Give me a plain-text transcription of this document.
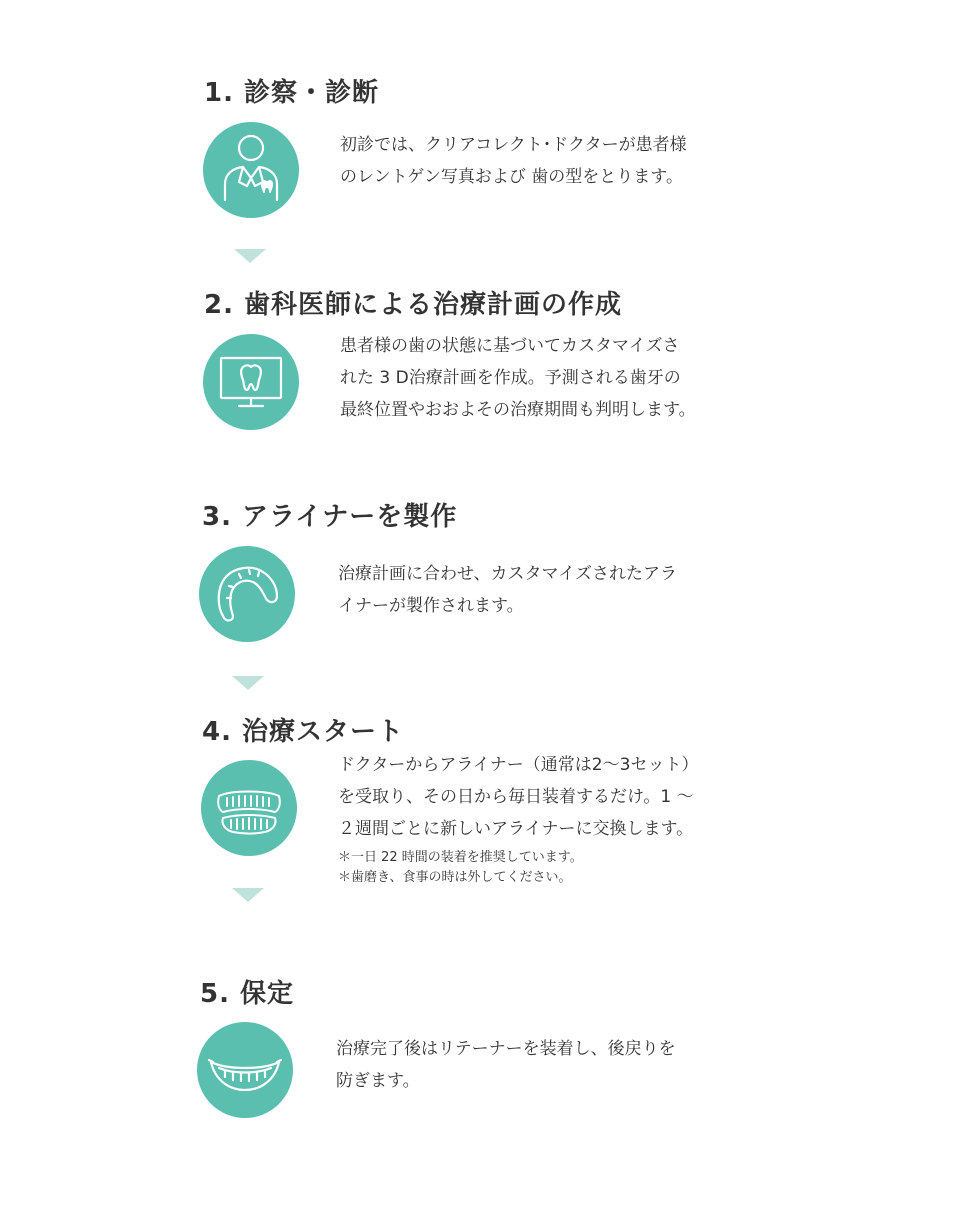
1. 診察・診断

初診では、クリアコレクト･ドクターが患者様
のレントゲン写真および 歯の型をとります。

2. 歯科医師による治療計画の作成

患者様の歯の状態に基づいてカスタマイズさ
れた 3 D治療計画を作成。予測される歯牙の
最終位置やおおよその治療期間も判明します。

3. アライナーを製作

治療計画に合わせ、カスタマイズされたアラ
イナーが製作されます。

4. 治療スタート

ドクターからアライナー（通常は2～3セット）
を受取り、その日から毎日装着するだけ。1 ～
２週間ごとに新しいアライナーに交換します。

＊一日 22 時間の装着を推奨しています。
＊歯磨き、食事の時は外してください。

5. 保定

治療完了後はリテーナーを装着し、後戻りを
防ぎます。
